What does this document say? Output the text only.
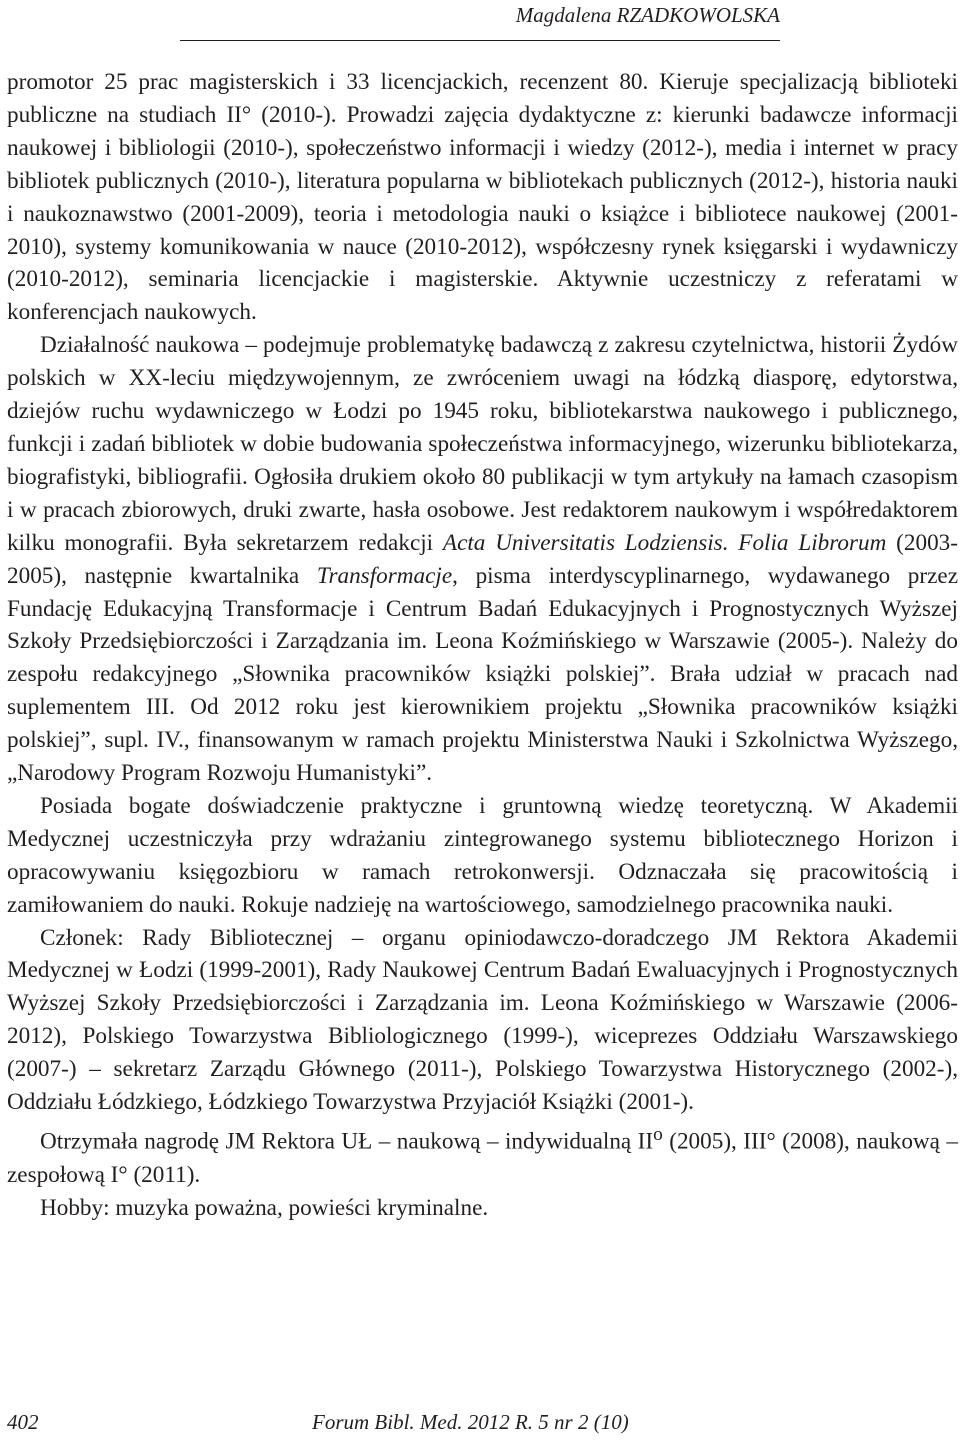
Magdalena RZADKOWOLSKA

promotor 25 prac magisterskich i 33 licencjackich, recenzent 80. Kieruje specjalizacją biblioteki publiczne na studiach II° (2010-). Prowadzi zajęcia dydaktyczne z: kierunki badawcze informacji naukowej i bibliologii (2010-), społeczeństwo informacji i wiedzy (2012-), media i internet w pracy bibliotek publicznych (2010-), literatura popularna w bibliotekach publicznych (2012-), historia nauki i naukoznawstwo (2001-2009), teoria i metodologia nauki o książce i bibliotece naukowej (2001-2010), systemy komunikowania w nauce (2010-2012), współczesny rynek księgarski i wydawniczy (2010-2012), seminaria licencjackie i magisterskie. Aktywnie uczestniczy z referatami w konferencjach naukowych.

Działalność naukowa – podejmuje problematykę badawczą z zakresu czytelnictwa, historii Żydów polskich w XX-leciu międzywojennym, ze zwróceniem uwagi na łódzką diasporę, edytorstwa, dziejów ruchu wydawniczego w Łodzi po 1945 roku, bibliotekarstwa naukowego i publicznego, funkcji i zadań bibliotek w dobie budowania społeczeństwa informacyjnego, wizerunku bibliotekarza, biografistyki, bibliografii. Ogłosiła drukiem około 80 publikacji w tym artykuły na łamach czasopism i w pracach zbiorowych, druki zwarte, hasła osobowe. Jest redaktorem naukowym i współredaktorem kilku monografii. Była sekretarzem redakcji Acta Universitatis Lodziensis. Folia Librorum (2003-2005), następnie kwartalnika Transformacje, pisma interdyscyplinarnego, wydawanego przez Fundację Edukacyjną Transformacje i Centrum Badań Edukacyjnych i Prognostycznych Wyższej Szkoły Przedsiębiorczości i Zarządzania im. Leona Koźmińskiego w Warszawie (2005-). Należy do zespołu redakcyjnego „Słownika pracowników książki polskiej”. Brała udział w pracach nad suplementem III. Od 2012 roku jest kierownikiem projektu „Słownika pracowników książki polskiej”, supl. IV., finansowanym w ramach projektu Ministerstwa Nauki i Szkolnictwa Wyższego, „Narodowy Program Rozwoju Humanistyki”.

Posiada bogate doświadczenie praktyczne i gruntowną wiedzę teoretyczną. W Akademii Medycznej uczestniczyła przy wdrażaniu zintegrowanego systemu bibliotecznego Horizon i opracowywaniu księgozbioru w ramach retrokonwersji. Odznaczała się pracowitością i zamiłowaniem do nauki. Rokuje nadzieję na wartościowego, samodzielnego pracownika nauki.

Członek: Rady Bibliotecznej – organu opiniodawczo-doradczego JM Rektora Akademii Medycznej w Łodzi (1999-2001), Rady Naukowej Centrum Badań Ewaluacyjnych i Prognostycznych Wyższej Szkoły Przedsiębiorczości i Zarządzania im. Leona Koźmińskiego w Warszawie (2006-2012), Polskiego Towarzystwa Bibliologicznego (1999-), wiceprezes Oddziału Warszawskiego (2007-) – sekretarz Zarządu Głównego (2011-), Polskiego Towarzystwa Historycznego (2002-), Oddziału Łódzkiego, Łódzkiego Towarzystwa Przyjaciół Książki (2001-).

Otrzymała nagrodę JM Rektora UŁ – naukową – indywidualną $II^o$ (2005), III° (2008), naukową – zespołową I° (2011).

Hobby: muzyka poważna, powieści kryminalne.

402	Forum Bibl. Med. 2012 R. 5 nr 2 (10)
